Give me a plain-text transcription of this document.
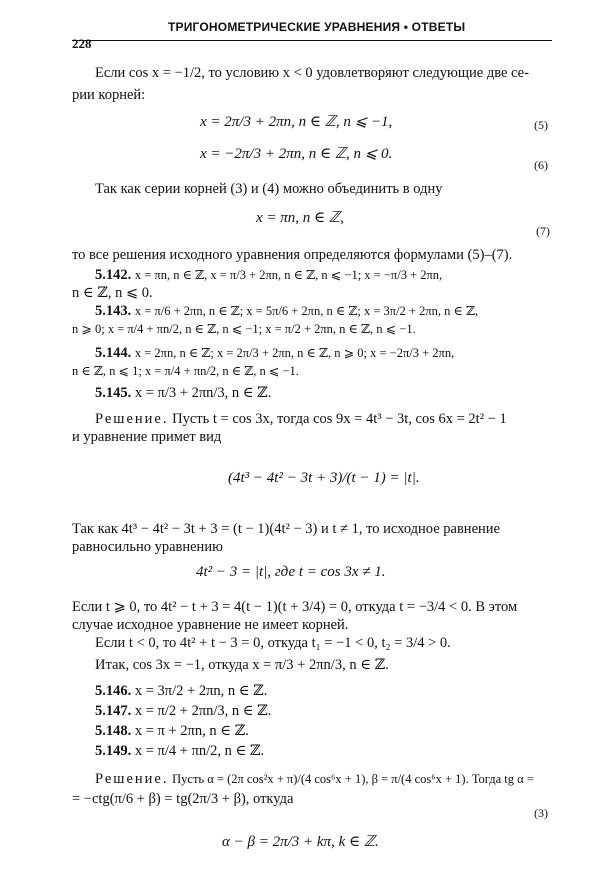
228
ТРИГОНОМЕТРИЧЕСКИЕ УРАВНЕНИЯ • ОТВЕТЫ
Если cos x = −1/2, то условию x < 0 удовлетворяют следующие две се-
рии корней:
x = 2π/3 + 2πn, n ∈ ℤ, n ⩽ −1,	(5)
x = −2π/3 + 2πn, n ∈ ℤ, n ⩽ 0.
(6)
Так как серии корней (3) и (4) можно объединить в одну
x = πn, n ∈ ℤ,
(7)
то все решения исходного уравнения определяются формулами (5)–(7).
5.142. x = πn, n ∈ ℤ, x = π/3 + 2πn, n ∈ ℤ, n ⩽ −1; x = −π/3 + 2πn,
n ∈ ℤ, n ⩽ 0.
5.143. x = π/6 + 2πn, n ∈ ℤ; x = 5π/6 + 2πn, n ∈ ℤ; x = 3π/2 + 2πn, n ∈ ℤ,
n ⩾ 0; x = π/4 + πn/2, n ∈ ℤ, n ⩽ −1; x = π/2 + 2πn, n ∈ ℤ, n ⩽ −1.
5.144. x = 2πn, n ∈ ℤ; x = 2π/3 + 2πn, n ∈ ℤ, n ⩾ 0; x = −2π/3 + 2πn,
n ∈ ℤ, n ⩽ 1; x = π/4 + πn/2, n ∈ ℤ, n ⩽ −1.
5.145. x = π/3 + 2πn/3, n ∈ ℤ.
Решение. Пусть t = cos 3x, тогда cos 9x = 4t³ − 3t, cos 6x = 2t² − 1
и уравнение примет вид
(4t³ − 4t² − 3t + 3)/(t − 1) = |t|.
Так как 4t³ − 4t² − 3t + 3 = (t − 1)(4t² − 3) и t ≠ 1, то исходное равнение
равносильно уравнению
4t² − 3 = |t|, где t = cos 3x ≠ 1.
Если t ⩾ 0, то 4t² − t + 3 = 4(t − 1)(t + 3/4) = 0, откуда t = −3/4 < 0. В этом
случае исходное уравнение не имеет корней.
Если t < 0, то 4t² + t − 3 = 0, откуда t₁ = −1 < 0, t₂ = 3/4 > 0.
Итак, cos 3x = −1, откуда x = π/3 + 2πn/3, n ∈ ℤ.
5.146. x = 3π/2 + 2πn, n ∈ ℤ.
5.147. x = π/2 + 2πn/3, n ∈ ℤ.
5.148. x = π + 2πn, n ∈ ℤ.
5.149. x = π/4 + πn/2, n ∈ ℤ.
Решение. Пусть α = (2π cos²x + π)/(4 cos⁶x + 1), β = π/(4 cos⁶x + 1). Тогда tg α =
= −ctg(π/6 + β) = tg(2π/3 + β), откуда
(3)
α − β = 2π/3 + kπ, k ∈ ℤ.
